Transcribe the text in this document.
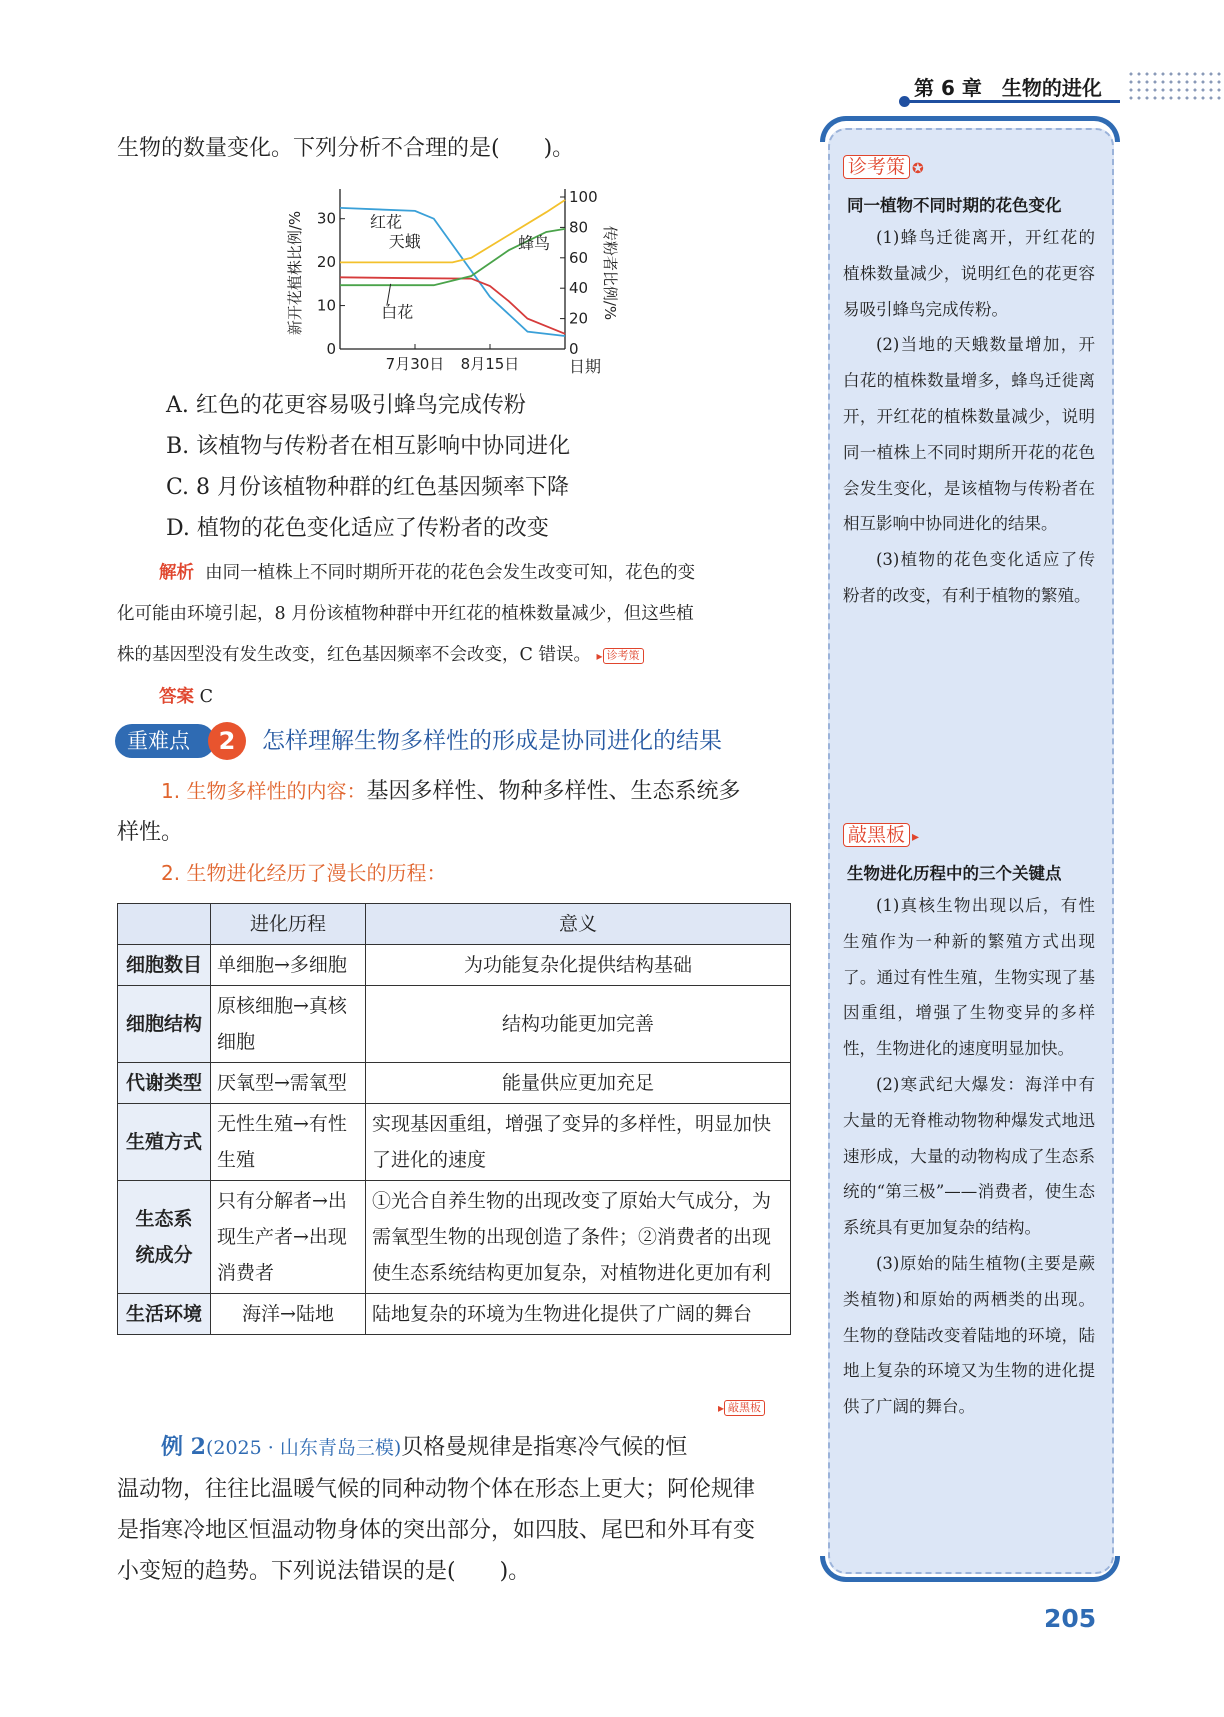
第 6 章　生物的进化
生物的数量变化。下列分析不合理的是(　　)。
0
10
20
30
0
20
40
60
80
100
7月30日 8月15日	日期
新开花植株比例/%	传粉者比例/%
红花
白花
天蛾	蜂鸟
A. 红色的花更容易吸引蜂鸟完成传粉
B. 该植物与传粉者在相互影响中协同进化
C. 8 月份该植物种群的红色基因频率下降
D. 植物的花色变化适应了传粉者的改变
解析 由同一植株上不同时期所开花的花色会发生改变可知，花色的变
化可能由环境引起，8 月份该植物种群中开红花的植株数量减少，但这些植
株的基因型没有发生改变，红色基因频率不会改变，C 错误。 ▸ 诊考策
答案 C
重难点	2	怎样理解生物多样性的形成是协同进化的结果
1. 生物多样性的内容：基因多样性、物种多样性、生态系统多
样性。
2. 生物进化经历了漫长的历程：
	进化历程	意义
细胞数目	单细胞→多细胞	为功能复杂化提供结构基础
细胞结构	原核细胞→真核细胞	结构功能更加完善
代谢类型	厌氧型→需氧型	能量供应更加充足
生殖方式	无性生殖→有性生殖	实现基因重组，增强了变异的多样性，明显加快了进化的速度
生态系统成分	只有分解者→出现生产者→出现消费者	①光合自养生物的出现改变了原始大气成分，为需氧型生物的出现创造了条件；②消费者的出现使生态系统结构更加复杂，对植物进化更加有利
生活环境	海洋→陆地	陆地复杂的环境为生物进化提供了广阔的舞台
▸ 敲黑板
例 2(2025 · 山东青岛三模)贝格曼规律是指寒冷气候的恒
温动物，往往比温暖气候的同种动物个体在形态上更大；阿伦规律
是指寒冷地区恒温动物身体的突出部分，如四肢、尾巴和外耳有变
小变短的趋势。下列说法错误的是(　　)。
诊考策 ✪
同一植物不同时期的花色变化
(1)蜂鸟迁徙离开，开红花的植株数量减少，说明红色的花更容易吸引蜂鸟完成传粉。
(2)当地的天蛾数量增加，开白花的植株数量增多，蜂鸟迁徙离开，开红花的植株数量减少，说明同一植株上不同时期所开花的花色会发生变化，是该植物与传粉者在相互影响中协同进化的结果。
(3)植物的花色变化适应了传粉者的改变，有利于植物的繁殖。
敲黑板 ▸
生物进化历程中的三个关键点
(1)真核生物出现以后，有性生殖作为一种新的繁殖方式出现了。通过有性生殖，生物实现了基因重组，增强了生物变异的多样性，生物进化的速度明显加快。
(2)寒武纪大爆发：海洋中有大量的无脊椎动物物种爆发式地迅速形成，大量的动物构成了生态系统的“第三极”——消费者，使生态系统具有更加复杂的结构。
(3)原始的陆生植物(主要是蕨类植物)和原始的两栖类的出现。生物的登陆改变着陆地的环境，陆地上复杂的环境又为生物的进化提供了广阔的舞台。
205
